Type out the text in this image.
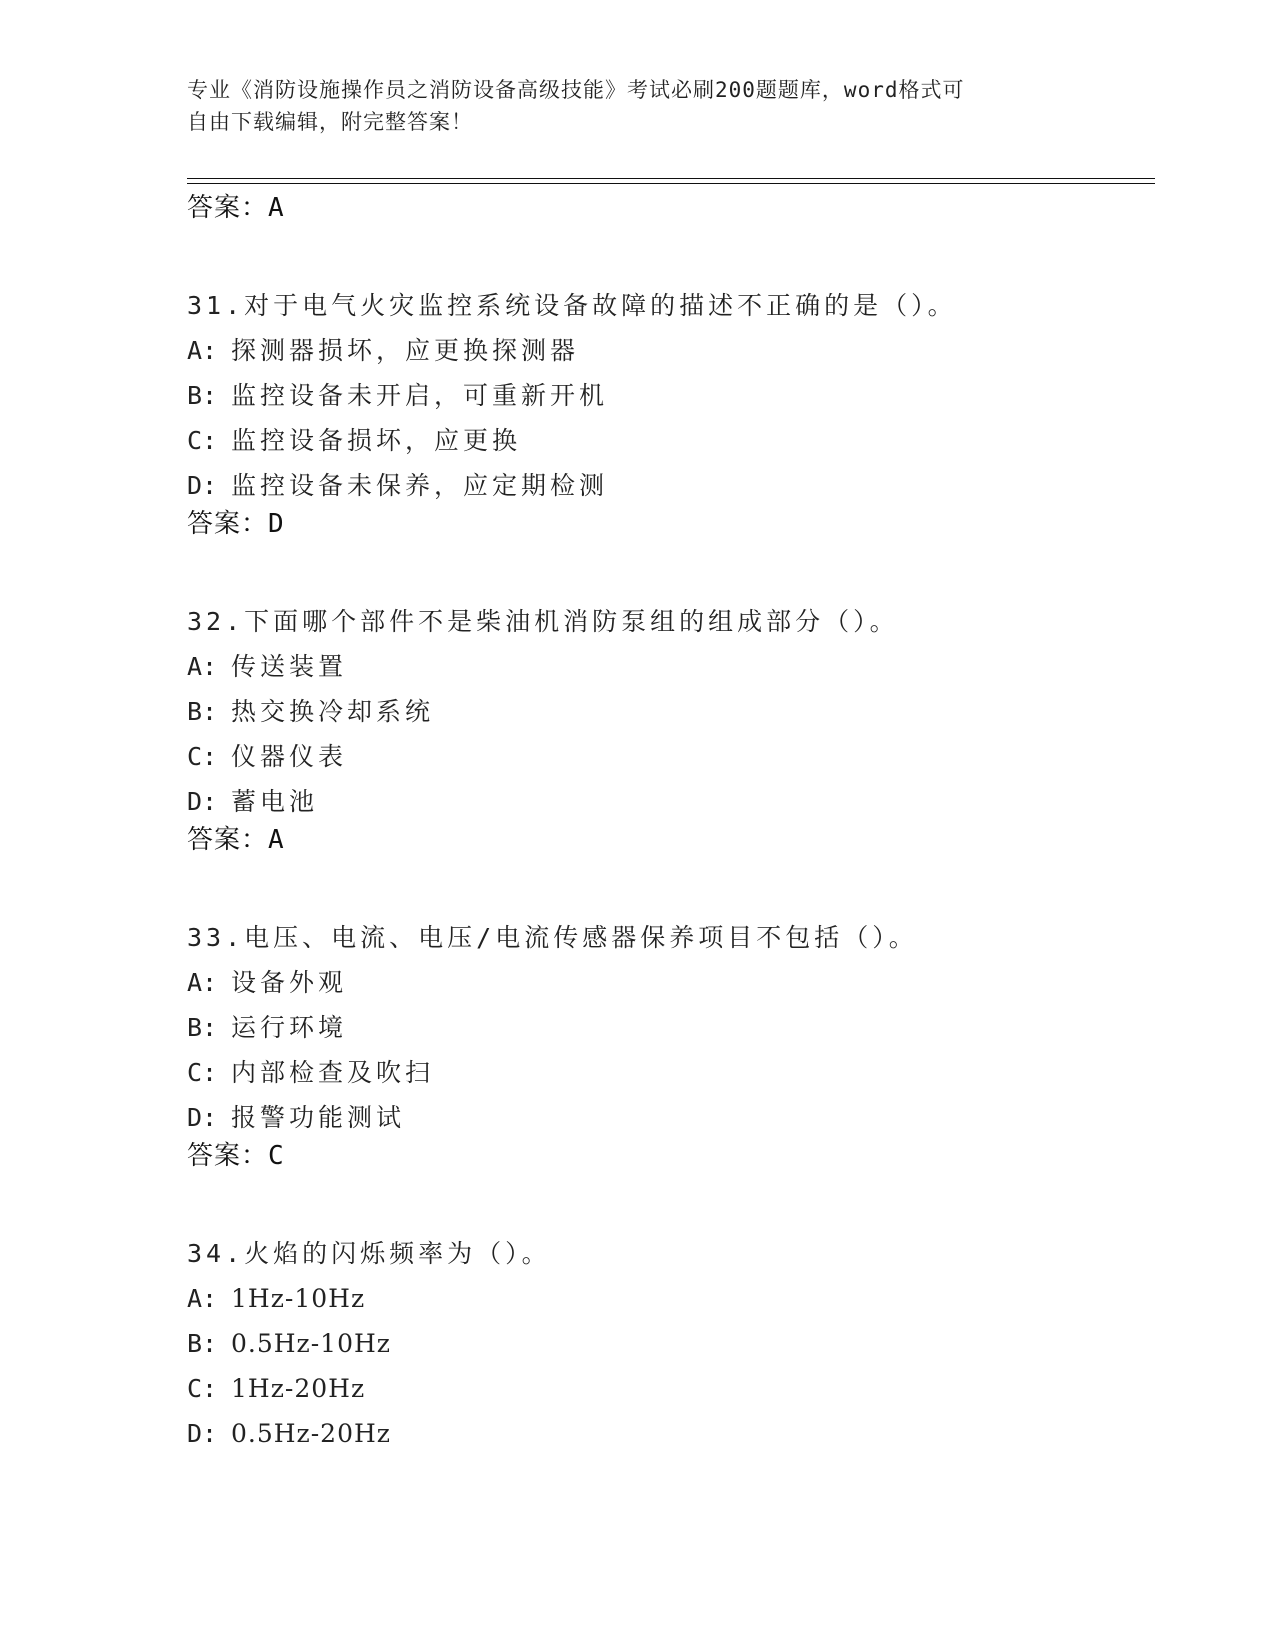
专业《消防设施操作员之消防设备高级技能》考试必刷200题题库，word格式可
自由下载编辑，附完整答案！
答案：A
31.对于电气火灾监控系统设备故障的描述不正确的是（）。
A: 探测器损坏，应更换探测器
B: 监控设备未开启，可重新开机
C: 监控设备损坏，应更换
D: 监控设备未保养，应定期检测
答案：D
32.下面哪个部件不是柴油机消防泵组的组成部分（）。
A: 传送装置
B: 热交换冷却系统
C: 仪器仪表
D: 蓄电池
答案：A
33.电压、电流、电压/电流传感器保养项目不包括（）。
A: 设备外观
B: 运行环境
C: 内部检查及吹扫
D: 报警功能测试
答案：C
34.火焰的闪烁频率为（）。
A: 1Hz-10Hz
B: 0.5Hz-10Hz
C: 1Hz-20Hz
D: 0.5Hz-20Hz
